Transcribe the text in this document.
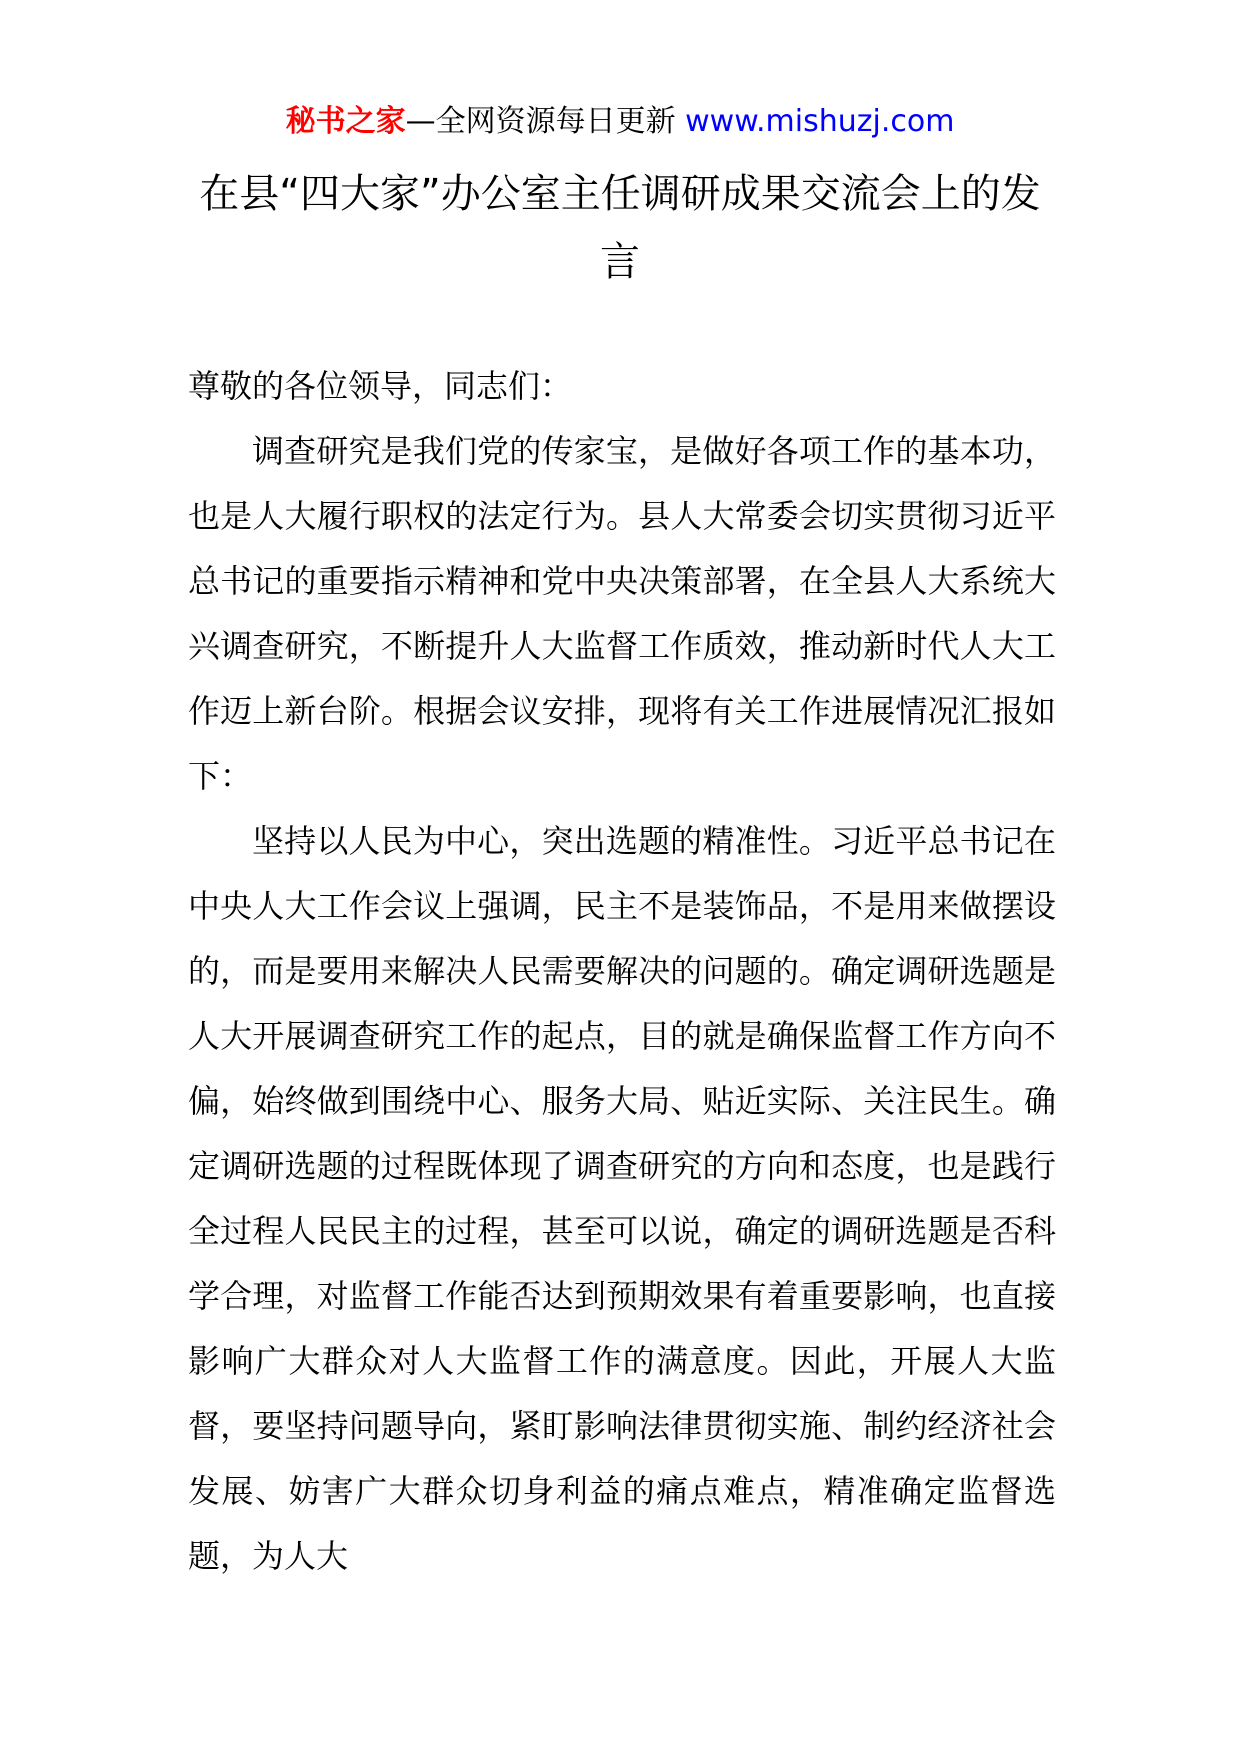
秘书之家—全网资源每日更新 www.mishuzj.com
在县“四大家”办公室主任调研成果交流会上的发言

尊敬的各位领导，同志们：

调查研究是我们党的传家宝，是做好各项工作的基本功，也是人大履行职权的法定行为。县人大常委会切实贯彻习近平总书记的重要指示精神和党中央决策部署，在全县人大系统大兴调查研究，不断提升人大监督工作质效，推动新时代人大工作迈上新台阶。根据会议安排，现将有关工作进展情况汇报如下：

坚持以人民为中心，突出选题的精准性。习近平总书记在中央人大工作会议上强调，民主不是装饰品，不是用来做摆设的，而是要用来解决人民需要解决的问题的。确定调研选题是人大开展调查研究工作的起点，目的就是确保监督工作方向不偏，始终做到围绕中心、服务大局、贴近实际、关注民生。确定调研选题的过程既体现了调查研究的方向和态度，也是践行全过程人民民主的过程，甚至可以说，确定的调研选题是否科学合理，对监督工作能否达到预期效果有着重要影响，也直接影响广大群众对人大监督工作的满意度。因此，开展人大监督，要坚持问题导向，紧盯影响法律贯彻实施、制约经济社会发展、妨害广大群众切身利益的痛点难点，精准确定监督选题，为人大
